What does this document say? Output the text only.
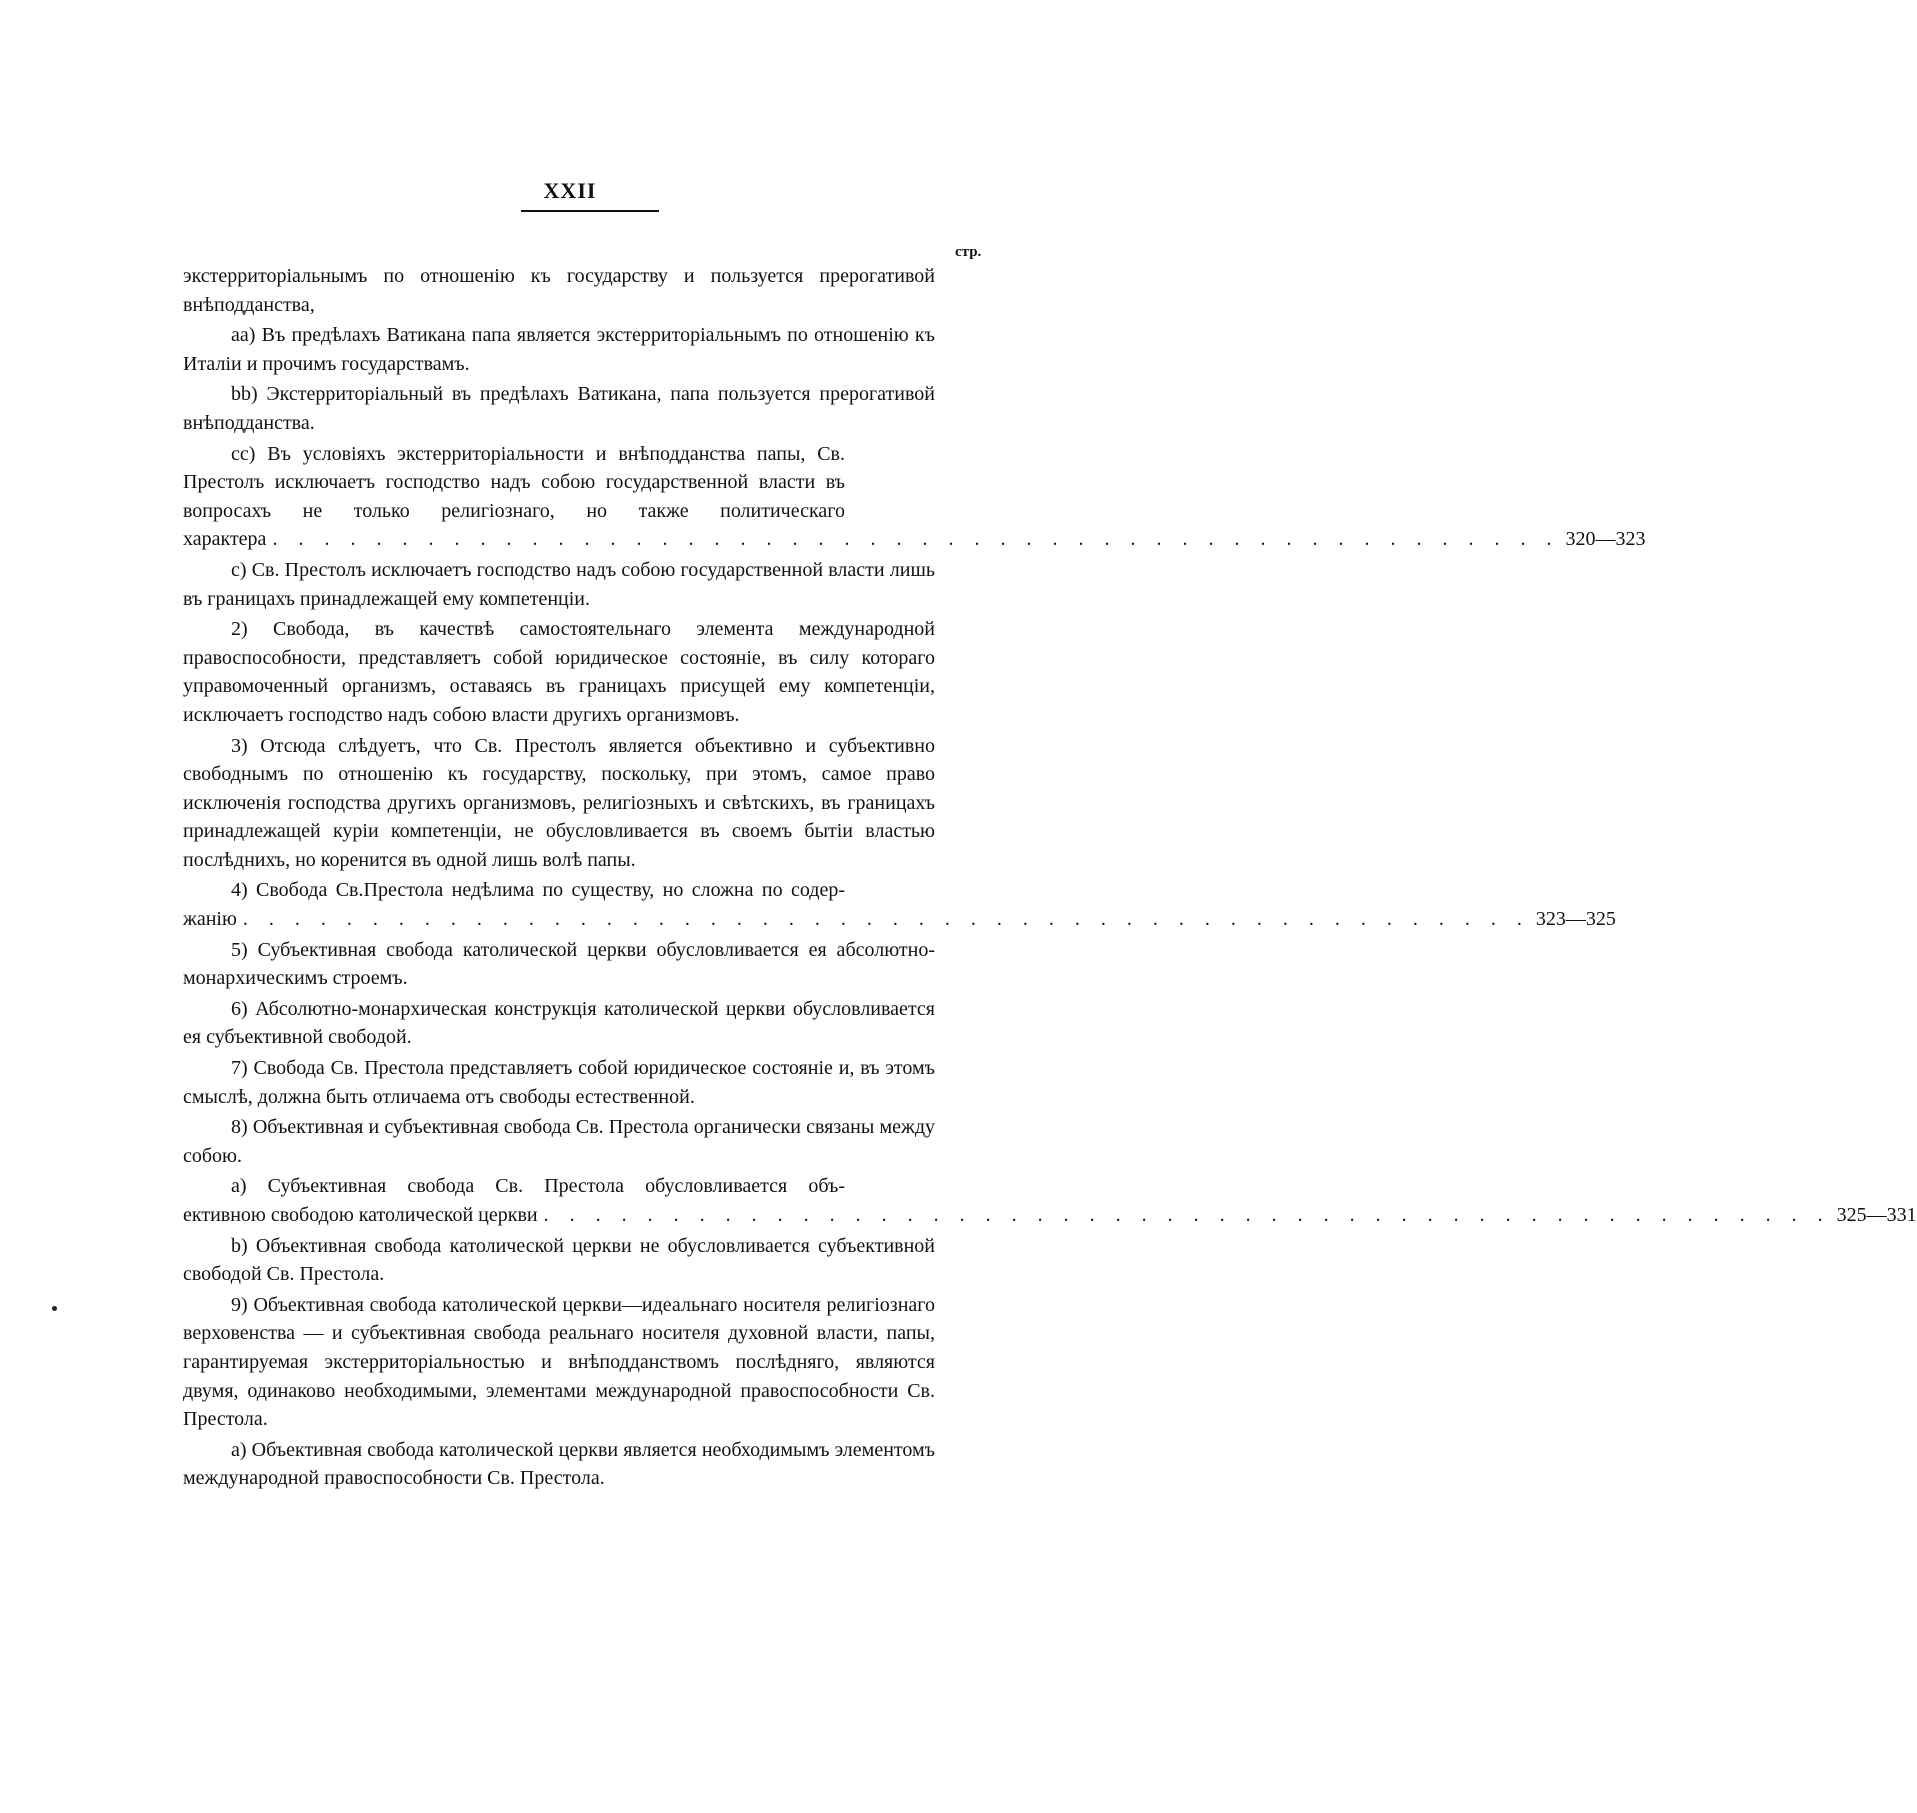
XXII
стр.

экстерриторіальнымъ по отношенію къ государству и пользуется прерогативой внѣподданства,

аа) Въ предѣлахъ Ватикана папа является экстерриторіальнымъ по отношенію къ Италіи и прочимъ государствамъ.

bb) Экстерриторіальный въ предѣлахъ Ватикана, папа пользуется прерогативой внѣподданства.

сс) Въ условіяхъ экстерриторіальности и внѣподданства папы, Св. Престолъ исключаетъ господство надъ собою государственной власти въ вопросахъ не только религіознаго, но также политическаго
характера . . . . . . . . . . . . . . . . . . . . . . . . . . . . . . . . . . . . . . . . . . . . . . . . . . 320—323

с) Св. Престолъ исключаетъ господство надъ собою государственной власти лишь въ границахъ принадлежащей ему компетенціи.

2) Свобода, въ качествѣ самостоятельнаго элемента международной правоспособности, представляетъ собой юридическое состояніе, въ силу котораго управомоченный организмъ, оставаясь въ границахъ присущей ему компетенціи, исключаетъ господство надъ собою власти другихъ организмовъ.

3) Отсюда слѣдуетъ, что Св. Престолъ является объективно и субъективно свободнымъ по отношенію къ государству, поскольку, при этомъ, самое право исключенія господства другихъ организмовъ, религіозныхъ и свѣтскихъ, въ границахъ принадлежащей куріи компетенціи, не обусловливается въ своемъ бытіи властью послѣднихъ, но коренится въ одной лишь волѣ папы.

4) Свобода Св.Престола недѣлима по существу, но сложна по содер-
жанію . . . . . . . . . . . . . . . . . . . . . . . . . . . . . . . . . . . . . . . . . . . . . . . . . . 323—325

5) Субъективная свобода католической церкви обусловливается ея абсолютно-монархическимъ строемъ.

6) Абсолютно-монархическая конструкція католической церкви обусловливается ея субъективной свободой.

7) Свобода Св. Престола представляетъ собой юридическое состояніе и, въ этомъ смыслѣ, должна быть отличаема отъ свободы естественной.

8) Объективная и субъективная свобода Св. Престола органически связаны между собою.

а) Субъективная свобода Св. Престола обусловливается объ-
ективною свободою католической церкви . . . . . . . . . . . . . . . . . . . . . . . . . . . . . . . . . . . . . . . . . . . . . . . . . . 325—331

b) Объективная свобода католической церкви не обусловливается субъективной свободой Св. Престола.

9) Объективная свобода католической церкви—идеальнаго носителя религіознаго верховенства — и субъективная свобода реальнаго носителя духовной власти, папы, гарантируемая экстерриторіальностью и внѣподданствомъ послѣдняго, являются двумя, одинаково необходимыми, элементами международной правоспособности Св. Престола.

а) Объективная свобода католической церкви является необходимымъ элементомъ международной правоспособности Св. Престола.
